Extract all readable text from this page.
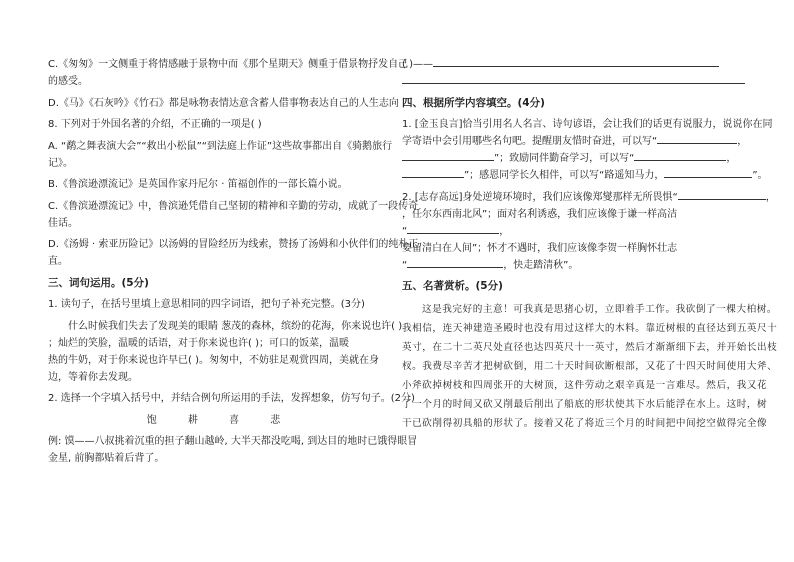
C.《匆匆》一文侧重于将情感融于景物中而《那个星期天》侧重于借景物抒发自己
的感受。
D.《马》《石灰吟》《竹石》都是咏物表情达意含蓄人借事物表达自己的人生志向
8. 下列对于外国名著的介绍，不正确的一项是( )
A. “鹬之舞表演大会”“救出小松鼠”“到法庭上作证”这些故事都出自《骑鹅旅行
记》。
B.《鲁滨逊漂流记》是英国作家丹尼尔 · 笛福创作的一部长篇小说。
C.《鲁滨逊漂流记》中，鲁滨逊凭借自己坚韧的精神和辛勤的劳动，成就了一段传奇
佳话。
D.《汤姆 · 索亚历险记》以汤姆的冒险经历为线索，赞扬了汤姆和小伙伴们的纯朴正
直。
三、词句运用。(5分)
1. 读句子，在括号里填上意思相同的四字词语，把句子补充完整。(3分)
什么时候我们失去了发现美的眼睛 葱茂的森林，缤纷的花海，你来说也许( )
；灿烂的笑脸，温暖的话语，对于你来说也许( )；可口的饭菜，温暖
热的牛奶，对于你来说也许早已( )。匆匆中，不妨驻足观赏四周，美就在身
边，等着你去发现。
2. 选择一个字填入括号中，并结合例句所运用的手法，发挥想象，仿写句子。(2分)
饱 耕 喜 悲
例: 馍——八叔挑着沉重的担子翻山越岭, 大半天都没吃喝, 到达目的地时已饿得眼冒
金星, 前胸都贴着后背了。
( )——
四、根据所学内容填空。(4分)
1. [金玉良言]恰当引用名人名言、诗句谚语，会让我们的话更有说服力，说说你在同
学寄语中会引用哪些名句吧。提醒朋友惜时奋进，可以写“	，
”；致励同伴勤奋学习，可以写“	，
”；感恩同学长久相伴，可以写“路遥知马力，	”。
2. [志存高远]身处逆境环境时，我们应该像郑燮那样无所畏惧“	，
，任尔东西南北风”；面对名利诱惑，我们应该像于谦一样高洁
“	，
要留清白在人间”；怀才不遇时，我们应该像李贺一样胸怀壮志
“	，快走踏清秋”。
五、名著赏析。(5分)
这是我完好的主意！可我真是思猪心切，立即着手工作。我砍倒了一棵大柏树。
我相信，连天神建造圣殿时也没有用过这样大的木料。靠近树根的直径达到五英尺十
英寸，在二十二英尺处直径也达四英尺十一英寸，然后才渐渐细下去，并开始长出枝
杈。我费尽辛苦才把树砍倒，用二十天时间砍断根部，又花了十四天时间使用大斧、
小斧砍掉树枝和四周张开的大树顶，这件劳动之艰辛真是一言难尽。然后，我又花
了一个月的时间又砍又削最后削出了船底的形状使其下水后能浮在水上。这时，树
干已砍削得初具船的形状了。接着又花了将近三个月的时间把中间挖空做得完全像
